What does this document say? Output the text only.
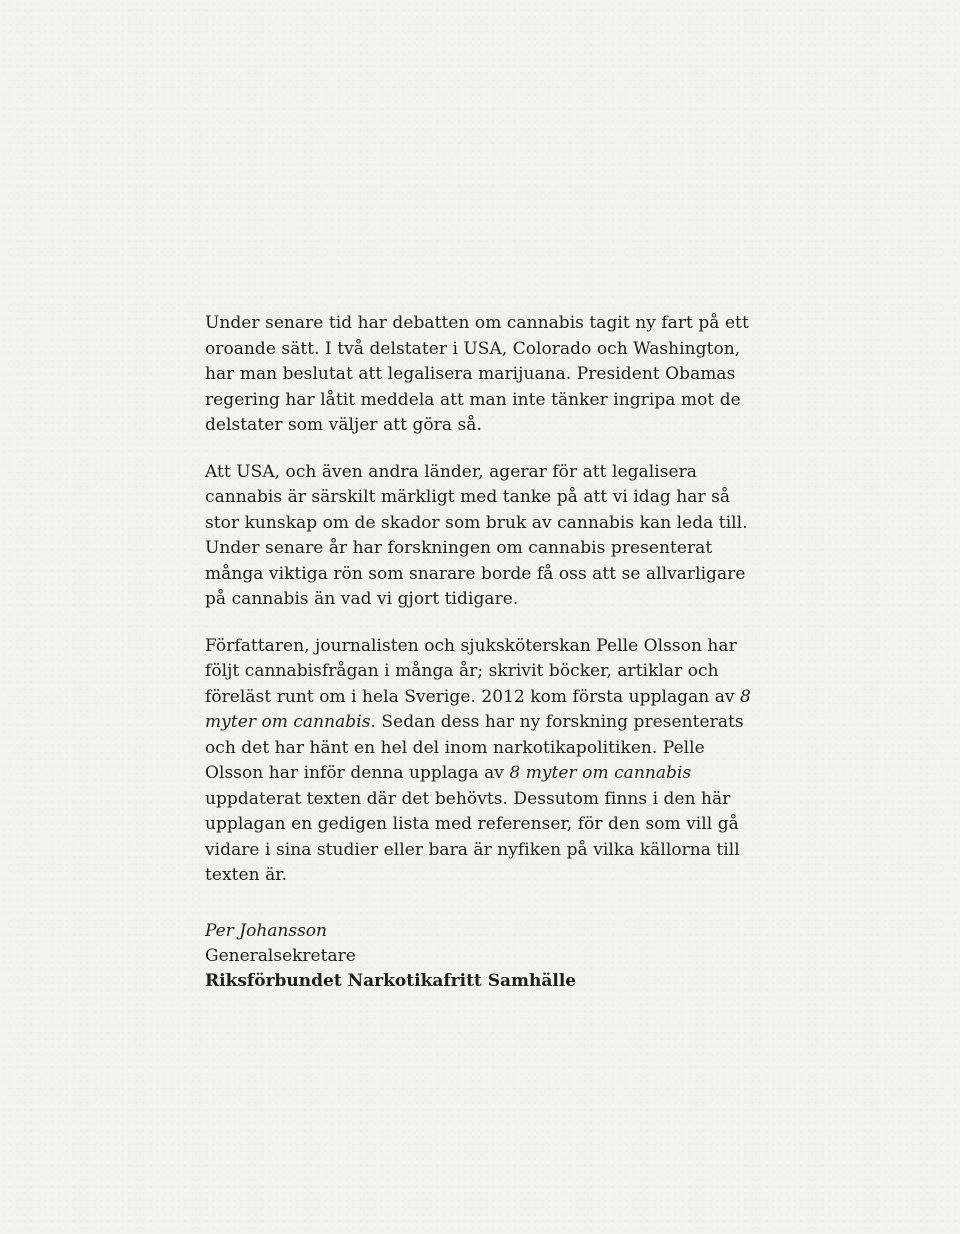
Under senare tid har debatten om cannabis tagit ny fart på ett oroande sätt. I två delstater i USA, Colorado och Washington, har man beslutat att legalisera marijuana. President Obamas regering har låtit meddela att man inte tänker ingripa mot de delstater som väljer att göra så.

Att USA, och även andra länder, agerar för att legalisera cannabis är särskilt märkligt med tanke på att vi idag har så stor kunskap om de skador som bruk av cannabis kan leda till. Under senare år har forskningen om cannabis presenterat många viktiga rön som snarare borde få oss att se allvarligare på cannabis än vad vi gjort tidigare.

Författaren, journalisten och sjuksköterskan Pelle Olsson har följt cannabisfrågan i många år; skrivit böcker, artiklar och föreläst runt om i hela Sverige. 2012 kom första upplagan av 8 myter om cannabis. Sedan dess har ny forskning presenterats och det har hänt en hel del inom narkotikapolitiken. Pelle Olsson har inför denna upplaga av 8 myter om cannabis uppdaterat texten där det behövts. Dessutom finns i den här upplagan en gedigen lista med referenser, för den som vill gå vidare i sina studier eller bara är nyfiken på vilka källorna till texten är.

Per Johansson
Generalsekretare
Riksförbundet Narkotikafritt Samhälle
